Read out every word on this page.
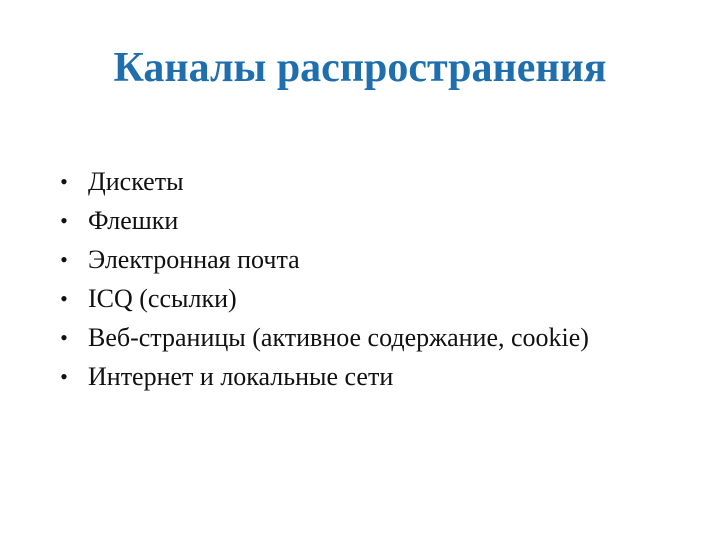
Каналы распространения
• Дискеты
• Флешки
• Электронная почта
• ICQ (ссылки)
• Веб-страницы (активное содержание, cookie)
• Интернет и локальные сети
